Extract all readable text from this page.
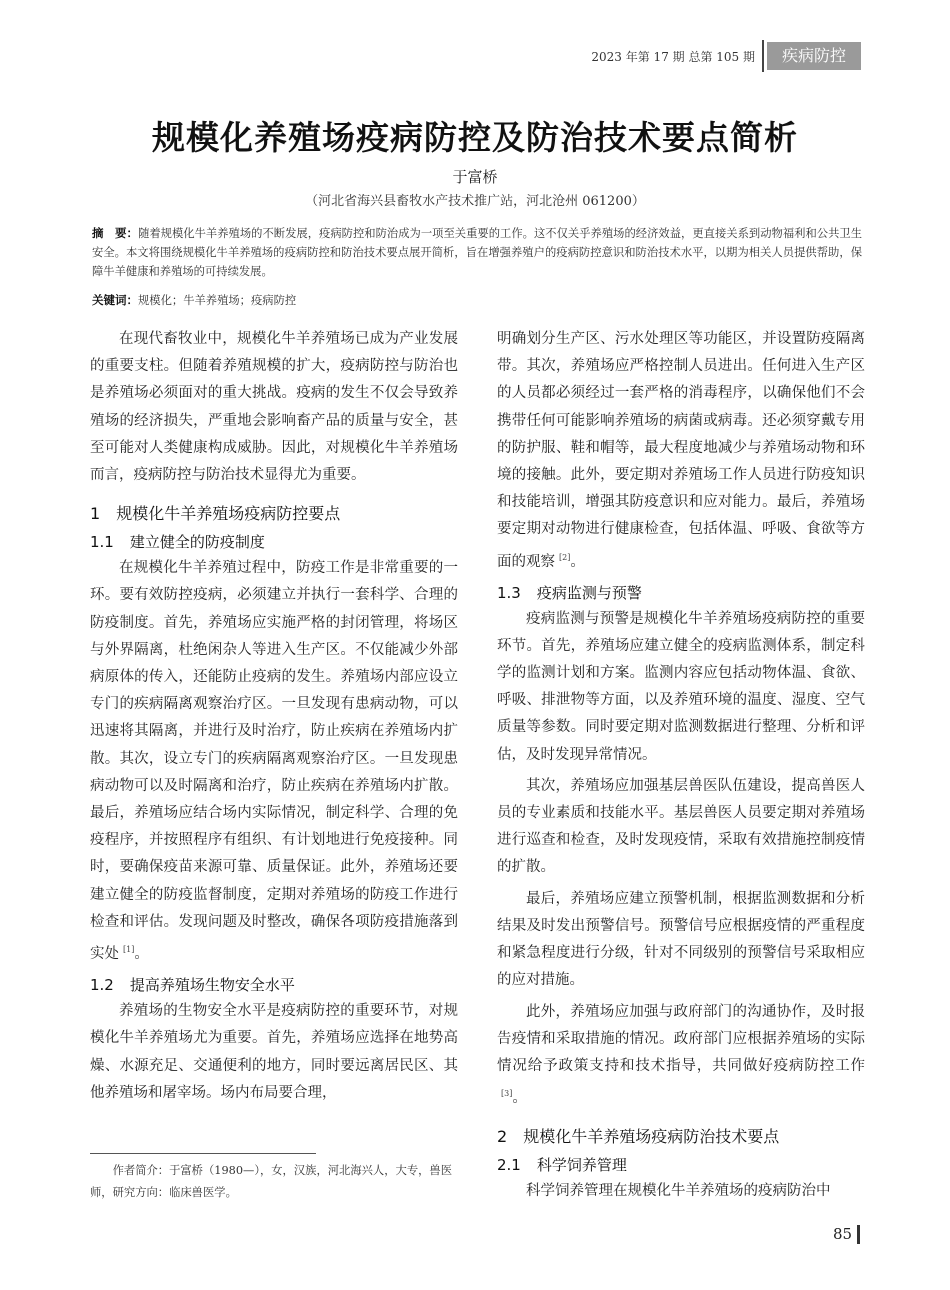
2023 年第 17 期 总第 105 期	疾病防控
规模化养殖场疫病防控及防治技术要点简析
于富桥
（河北省海兴县畜牧水产技术推广站，河北沧州 061200）
摘　要：随着规模化牛羊养殖场的不断发展，疫病防控和防治成为一项至关重要的工作。这不仅关乎养殖场的经济效益，更直接关系到动物福利和公共卫生安全。本文将围绕规模化牛羊养殖场的疫病防控和防治技术要点展开简析，旨在增强养殖户的疫病防控意识和防治技术水平，以期为相关人员提供帮助，保障牛羊健康和养殖场的可持续发展。
关键词：规模化；牛羊养殖场；疫病防控

在现代畜牧业中，规模化牛羊养殖场已成为产业发展的重要支柱。但随着养殖规模的扩大，疫病防控与防治也是养殖场必须面对的重大挑战。疫病的发生不仅会导致养殖场的经济损失，严重地会影响畜产品的质量与安全，甚至可能对人类健康构成威胁。因此，对规模化牛羊养殖场而言，疫病防控与防治技术显得尤为重要。

1 规模化牛羊养殖场疫病防控要点
1.1 建立健全的防疫制度

在规模化牛羊养殖过程中，防疫工作是非常重要的一环。要有效防控疫病，必须建立并执行一套科学、合理的防疫制度。首先，养殖场应实施严格的封闭管理，将场区与外界隔离，杜绝闲杂人等进入生产区。不仅能减少外部病原体的传入，还能防止疫病的发生。养殖场内部应设立专门的疾病隔离观察治疗区。一旦发现有患病动物，可以迅速将其隔离，并进行及时治疗，防止疾病在养殖场内扩散。其次，设立专门的疾病隔离观察治疗区。一旦发现患病动物可以及时隔离和治疗，防止疾病在养殖场内扩散。最后，养殖场应结合场内实际情况，制定科学、合理的免疫程序，并按照程序有组织、有计划地进行免疫接种。同时，要确保疫苗来源可靠、质量保证。此外，养殖场还要建立健全的防疫监督制度，定期对养殖场的防疫工作进行检查和评估。发现问题及时整改，确保各项防疫措施落到实处 [1]。

1.2 提高养殖场生物安全水平

养殖场的生物安全水平是疫病防控的重要环节，对规模化牛羊养殖场尤为重要。首先，养殖场应选择在地势高燥、水源充足、交通便利的地方，同时要远离居民区、其他养殖场和屠宰场。场内布局要合理，

明确划分生产区、污水处理区等功能区，并设置防疫隔离带。其次，养殖场应严格控制人员进出。任何进入生产区的人员都必须经过一套严格的消毒程序，以确保他们不会携带任何可能影响养殖场的病菌或病毒。还必须穿戴专用的防护服、鞋和帽等，最大程度地减少与养殖场动物和环境的接触。此外，要定期对养殖场工作人员进行防疫知识和技能培训，增强其防疫意识和应对能力。最后，养殖场要定期对动物进行健康检查，包括体温、呼吸、食欲等方面的观察 [2]。

1.3 疫病监测与预警

疫病监测与预警是规模化牛羊养殖场疫病防控的重要环节。首先，养殖场应建立健全的疫病监测体系，制定科学的监测计划和方案。监测内容应包括动物体温、食欲、呼吸、排泄物等方面，以及养殖环境的温度、湿度、空气质量等参数。同时要定期对监测数据进行整理、分析和评估，及时发现异常情况。

其次，养殖场应加强基层兽医队伍建设，提高兽医人员的专业素质和技能水平。基层兽医人员要定期对养殖场进行巡查和检查，及时发现疫情，采取有效措施控制疫情的扩散。

最后，养殖场应建立预警机制，根据监测数据和分析结果及时发出预警信号。预警信号应根据疫情的严重程度和紧急程度进行分级，针对不同级别的预警信号采取相应的应对措施。

此外，养殖场应加强与政府部门的沟通协作，及时报告疫情和采取措施的情况。政府部门应根据养殖场的实际情况给予政策支持和技术指导，共同做好疫病防控工作[3]。

2 规模化牛羊养殖场疫病防治技术要点
2.1 科学饲养管理

科学饲养管理在规模化牛羊养殖场的疫病防治中

作者简介：于富桥（1980—），女，汉族，河北海兴人，大专，兽医师，研究方向：临床兽医学。
85
